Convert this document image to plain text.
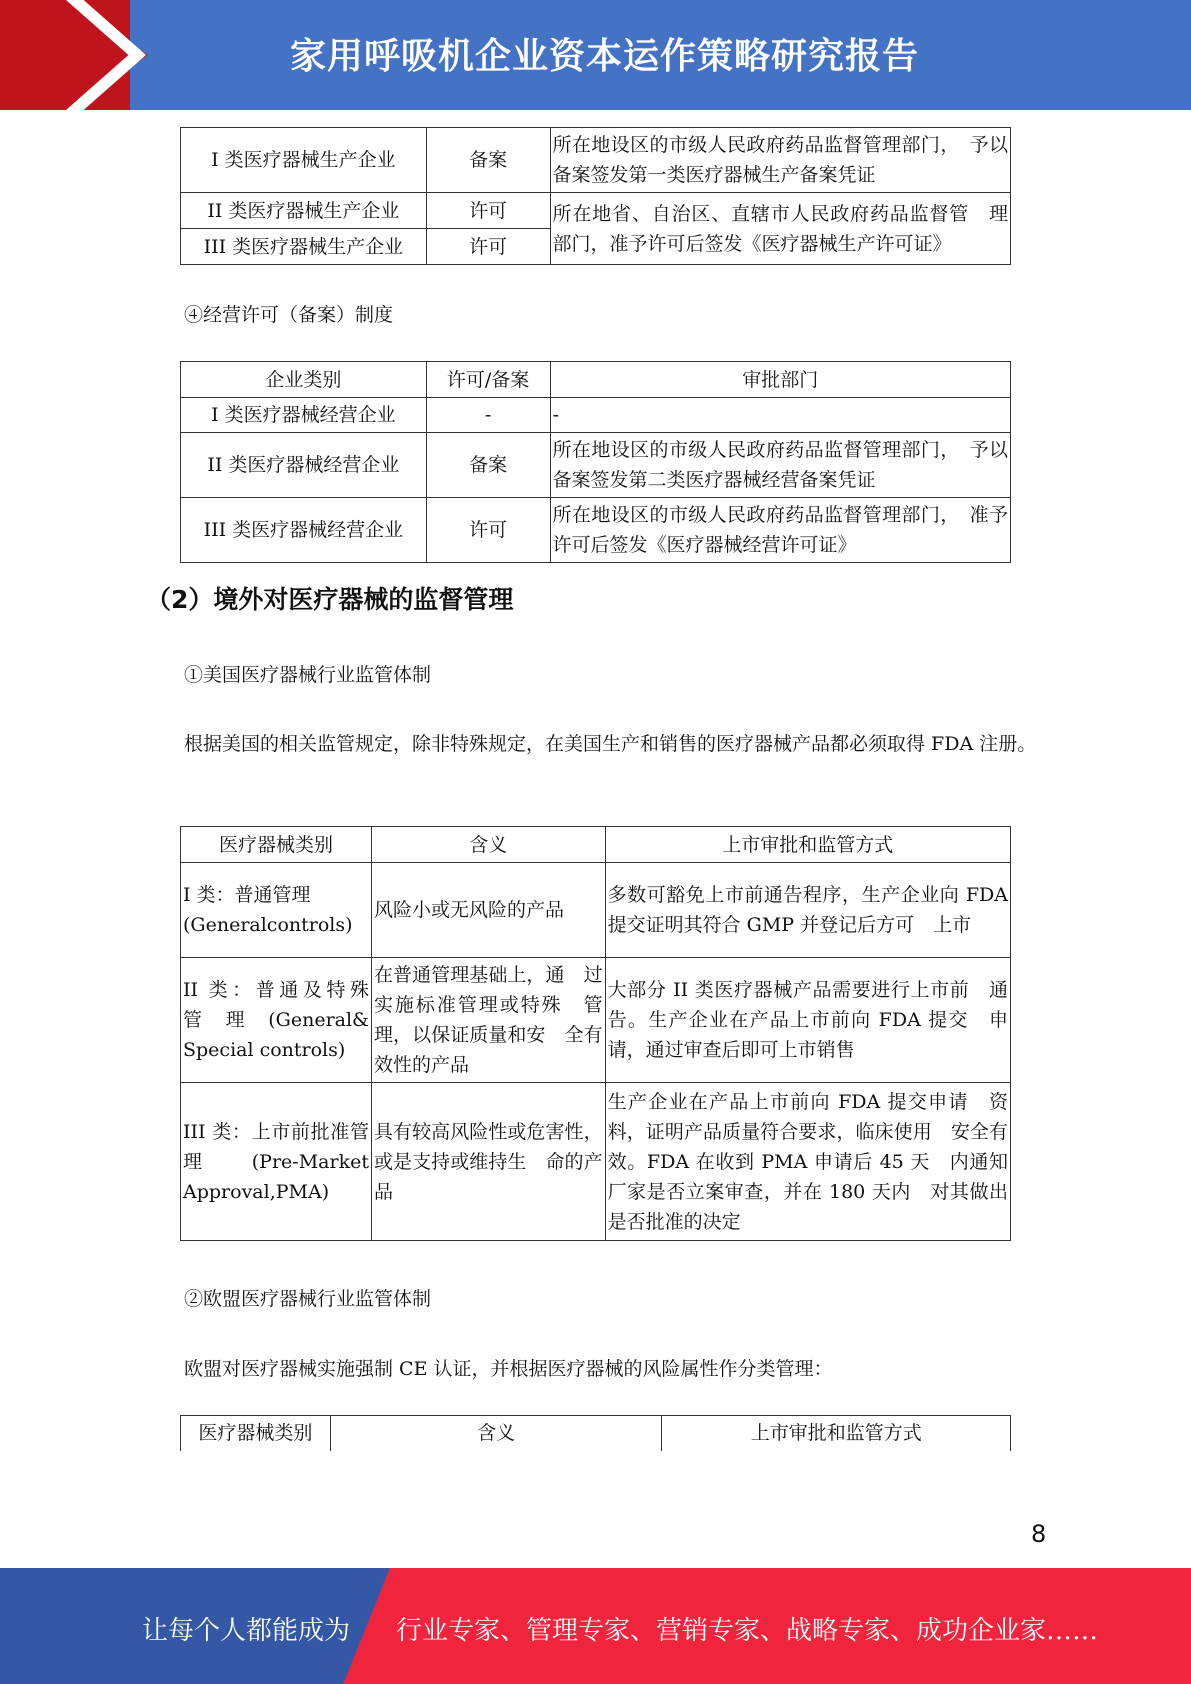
家用呼吸机企业资本运作策略研究报告
I 类医疗器械生产企业	备案	所在地设区的市级人民政府药品监督管理部门，　予以备案签发第一类医疗器械生产备案凭证
II 类医疗器械生产企业	许可	所在地省、自治区、直辖市人民政府药品监督管　理部门，准予许可后签发《医疗器械生产许可证》
III 类医疗器械生产企业	许可	
④经营许可（备案）制度
企业类别	许可/备案	审批部门
I 类医疗器械经营企业	-	-
II 类医疗器械经营企业	备案	所在地设区的市级人民政府药品监督管理部门，　予以备案签发第二类医疗器械经营备案凭证
III 类医疗器械经营企业	许可	所在地设区的市级人民政府药品监督管理部门，　准予许可后签发《医疗器械经营许可证》
（2）境外对医疗器械的监督管理
①美国医疗器械行业监管体制
根据美国的相关监管规定，除非特殊规定，在美国生产和销售的医疗器械产品都必须取得 FDA 注册。
医疗器械类别	含义	上市审批和监管方式
I 类：普通管理 (Generalcontrols)	风险小或无风险的产品	多数可豁免上市前通告程序，生产企业向 FDA 提交证明其符合 GMP 并登记后方可　上市
II 类：普通及特殊　管理(General& Special controls)	在普通管理基础上，通　过实施标准管理或特殊　管理，以保证质量和安　全有效性的产品	大部分 II 类医疗器械产品需要进行上市前　通告。生产企业在产品上市前向 FDA 提交　申请，通过审查后即可上市销售
III 类：上市前批准管理(Pre-Market Approval,PMA)	具有较高风险性或危害性，或是支持或维持生　命的产品	生产企业在产品上市前向 FDA 提交申请　资料，证明产品质量符合要求，临床使用　安全有效。FDA 在收到 PMA 申请后 45 天　内通知厂家是否立案审查，并在 180 天内　对其做出是否批准的决定
②欧盟医疗器械行业监管体制
欧盟对医疗器械实施强制 CE 认证，并根据医疗器械的风险属性作分类管理：
医疗器械类别	含义	上市审批和监管方式
8
让每个人都能成为 行业专家、管理专家、营销专家、战略专家、成功企业家……
